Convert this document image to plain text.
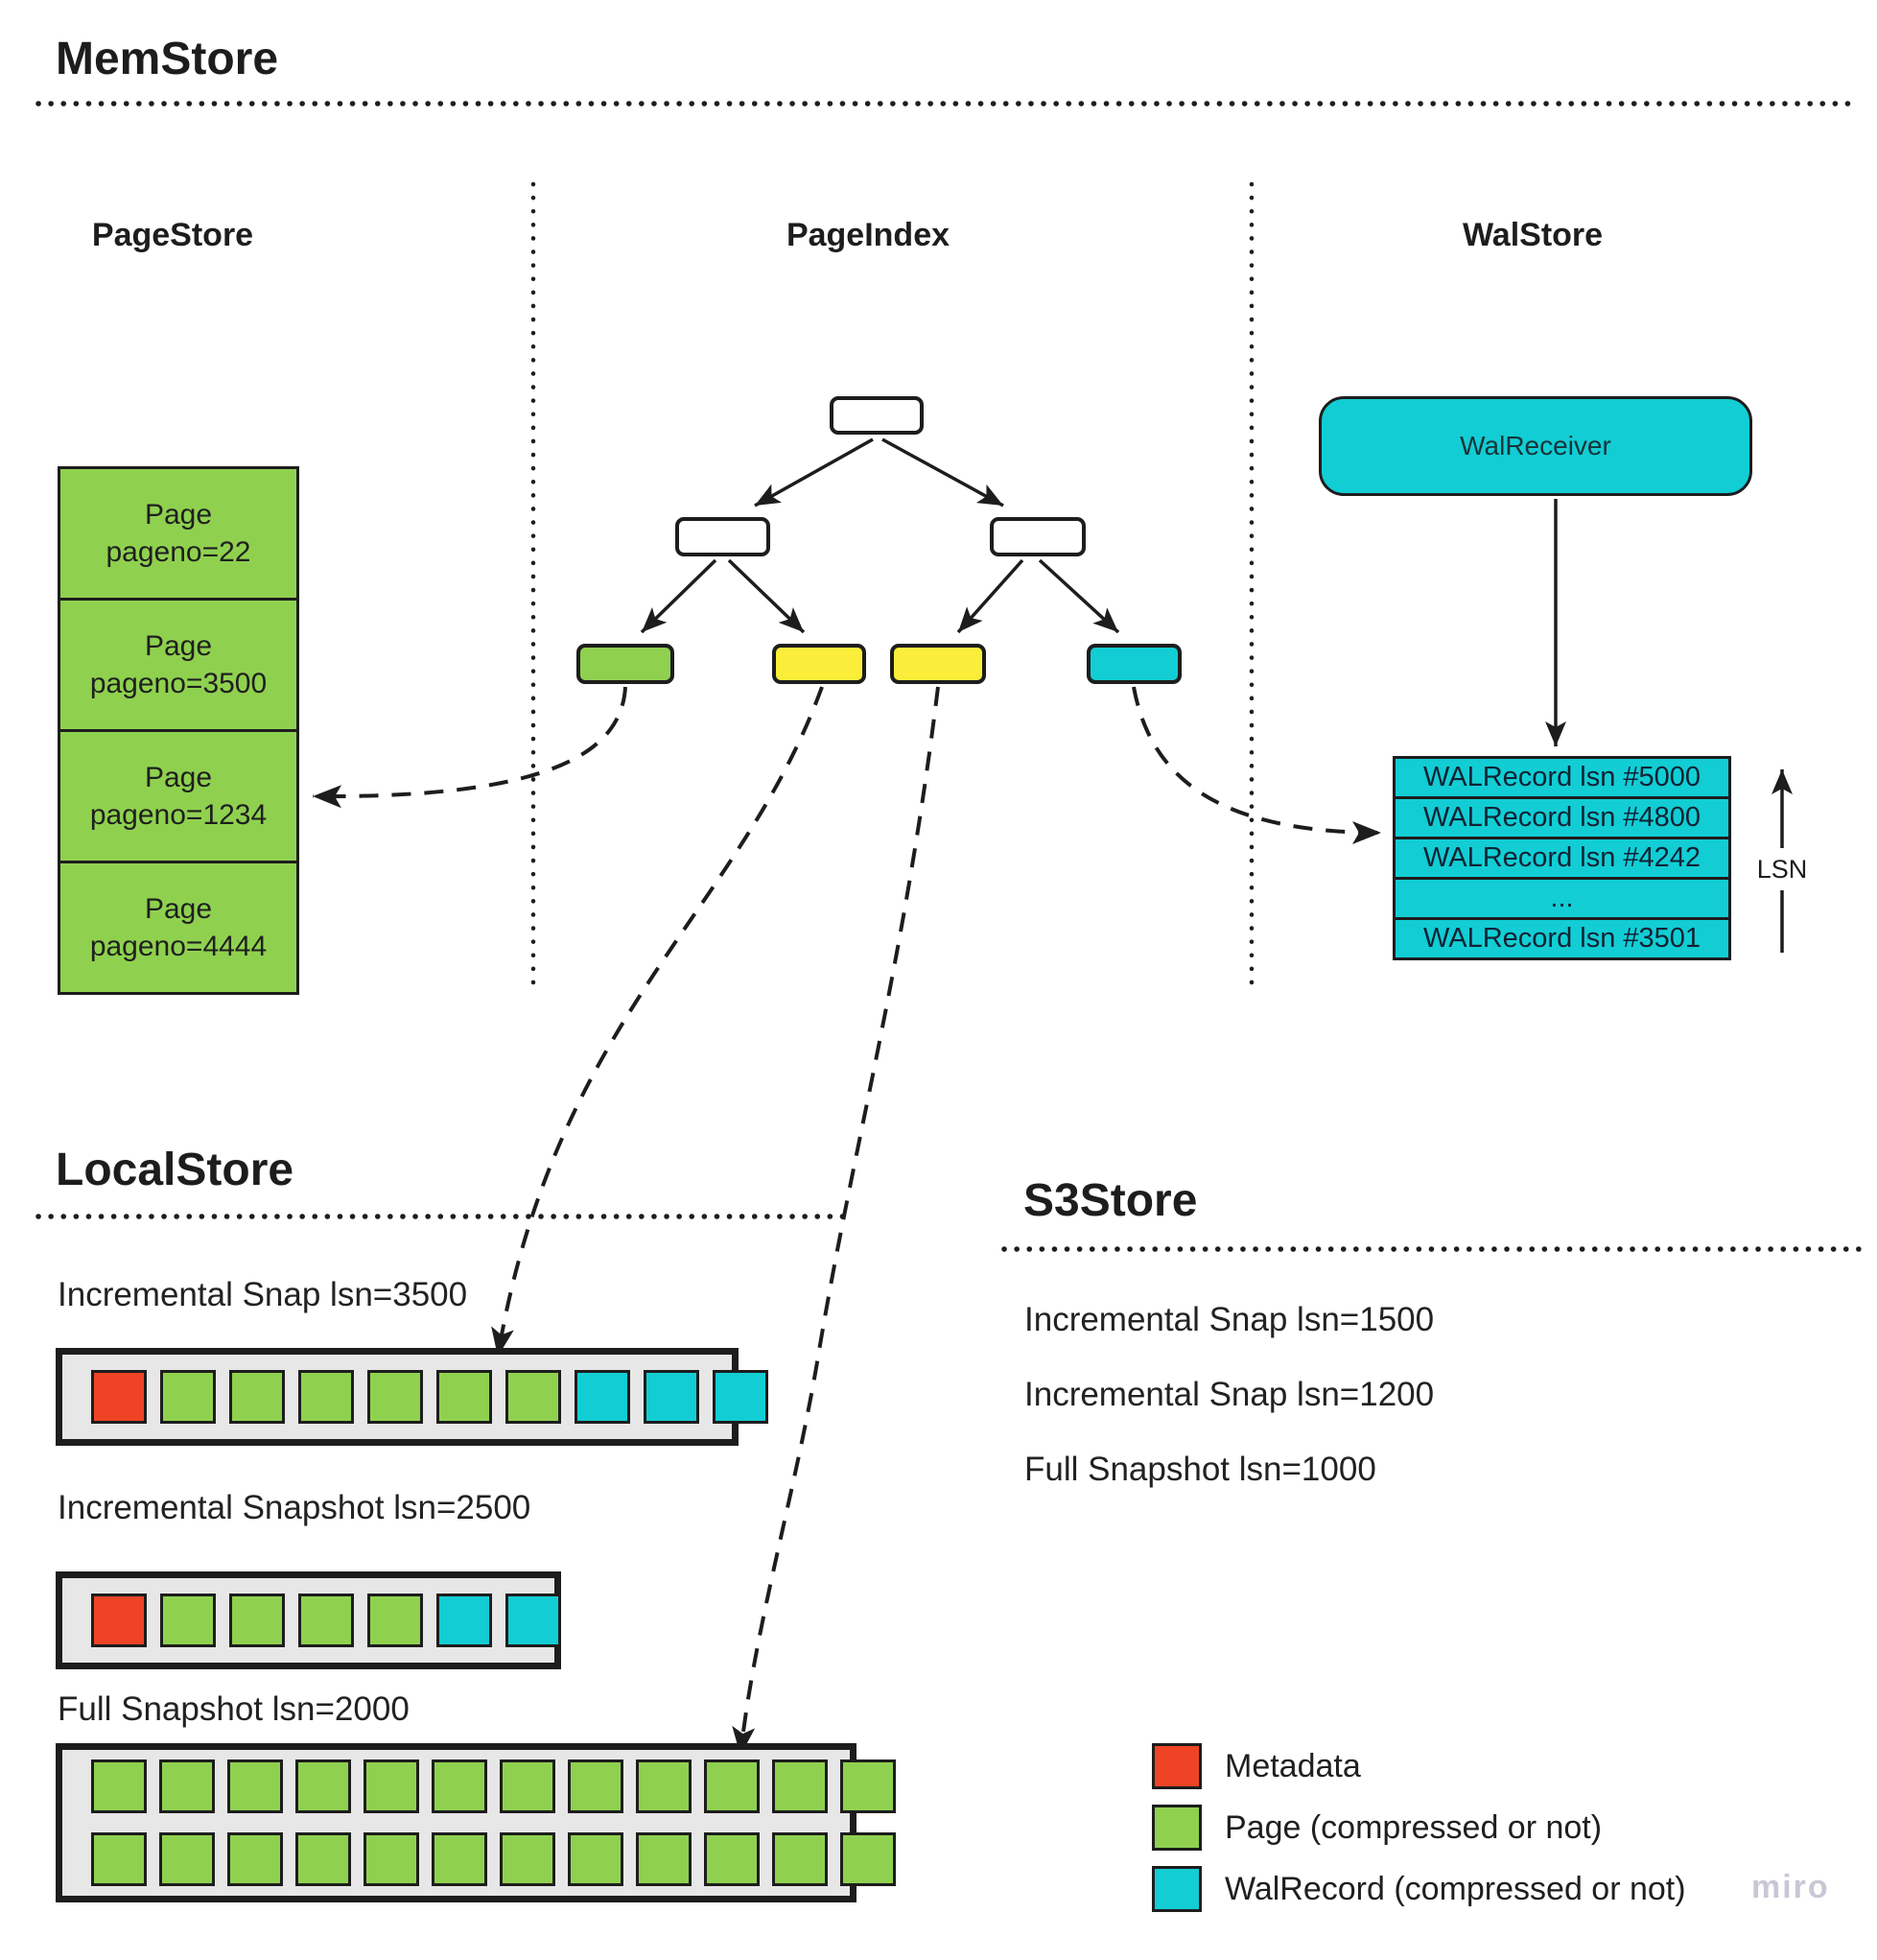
LSN
MemStore
PageStore	PageIndex	WalStore
Page
pageno=22
Page
pageno=3500
Page
pageno=1234
Page
pageno=4444
WalReceiver
WALRecord lsn #5000
WALRecord lsn #4800
WALRecord lsn #4242
...
WALRecord lsn #3501
LocalStore
Incremental Snap lsn=3500
Incremental Snapshot lsn=2500
Full Snapshot lsn=2000
S3Store
Incremental Snap lsn=1500
Incremental Snap lsn=1200
Full Snapshot lsn=1000
Metadata
Page (compressed or not)
WalRecord (compressed or not) miro
